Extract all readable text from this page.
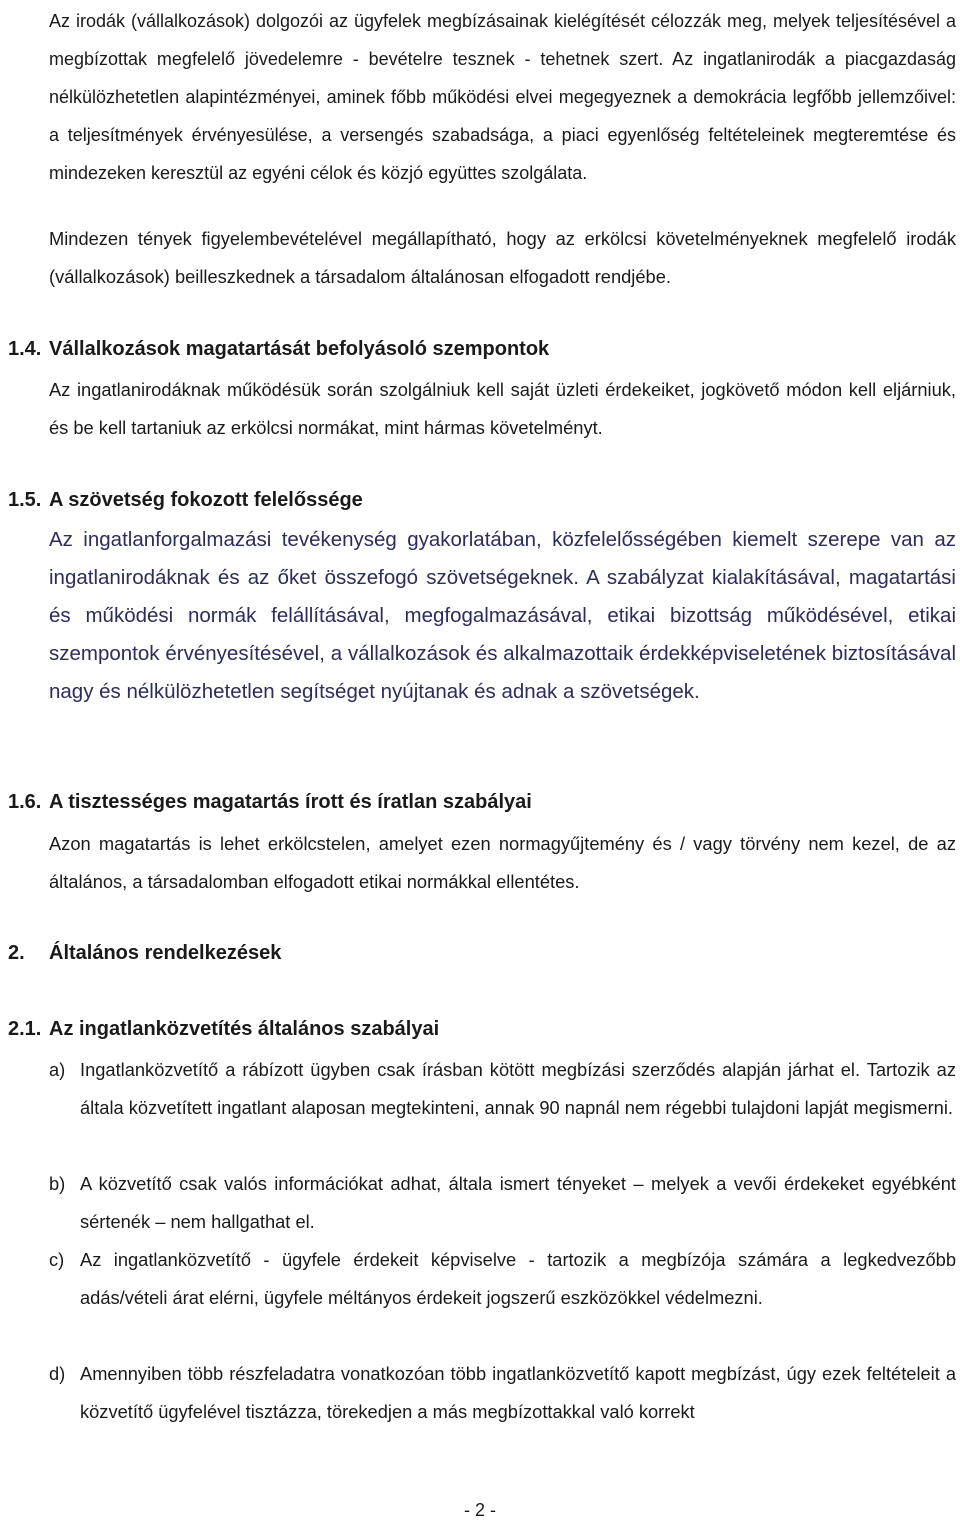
Az irodák (vállalkozások) dolgozói az ügyfelek megbízásainak kielégítését célozzák meg, melyek teljesítésével a megbízottak megfelelő jövedelemre - bevételre tesznek - tehetnek szert. Az ingatlanirodák a piacgazdaság nélkülözhetetlen alapintézményei, aminek főbb működési elvei megegyeznek a demokrácia legfőbb jellemzőivel: a teljesítmények érvényesülése, a versengés szabadsága, a piaci egyenlőség feltételeinek megteremtése és mindezeken keresztül az egyéni célok és közjó együttes szolgálata.

Mindezen tények figyelembevételével megállapítható, hogy az erkölcsi követelményeknek megfelelő irodák (vállalkozások) beilleszkednek a társadalom általánosan elfogadott rendjébe.

1.4. Vállalkozások magatartását befolyásoló szempontok

Az ingatlanirodáknak működésük során szolgálniuk kell saját üzleti érdekeiket, jogkövető módon kell eljárniuk, és be kell tartaniuk az erkölcsi normákat, mint hármas követelményt.

1.5. A szövetség fokozott felelőssége

Az ingatlanforgalmazási tevékenység gyakorlatában, közfelelősségében kiemelt szerepe van az ingatlanirodáknak és az őket összefogó szövetségeknek. A szabályzat kialakításával, magatartási és működési normák felállításával, megfogalmazásával, etikai bizottság működésével, etikai szempontok érvényesítésével, a vállalkozások és alkalmazottaik érdekképviseletének biztosításával nagy és nélkülözhetetlen segítséget nyújtanak és adnak a szövetségek.

1.6. A tisztességes magatartás írott és íratlan szabályai

Azon magatartás is lehet erkölcstelen, amelyet ezen normagyűjtemény és / vagy törvény nem kezel, de az általános, a társadalomban elfogadott etikai normákkal ellentétes.

2. Általános rendelkezések
2.1. Az ingatlanközvetítés általános szabályai
a) Ingatlanközvetítő a rábízott ügyben csak írásban kötött megbízási szerződés alapján járhat el. Tartozik az általa közvetített ingatlant alaposan megtekinteni, annak 90 napnál nem régebbi tulajdoni lapját megismerni.
b) A közvetítő csak valós információkat adhat, általa ismert tényeket – melyek a vevői érdekeket egyébként sértenék – nem hallgathat el.
c) Az ingatlanközvetítő - ügyfele érdekeit képviselve - tartozik a megbízója számára a legkedvezőbb adás/vételi árat elérni, ügyfele méltányos érdekeit jogszerű eszközökkel védelmezni.
d) Amennyiben több részfeladatra vonatkozóan több ingatlanközvetítő kapott megbízást, úgy ezek feltételeit a közvetítő ügyfelével tisztázza, törekedjen a más megbízottakkal való korrekt
- 2 -
